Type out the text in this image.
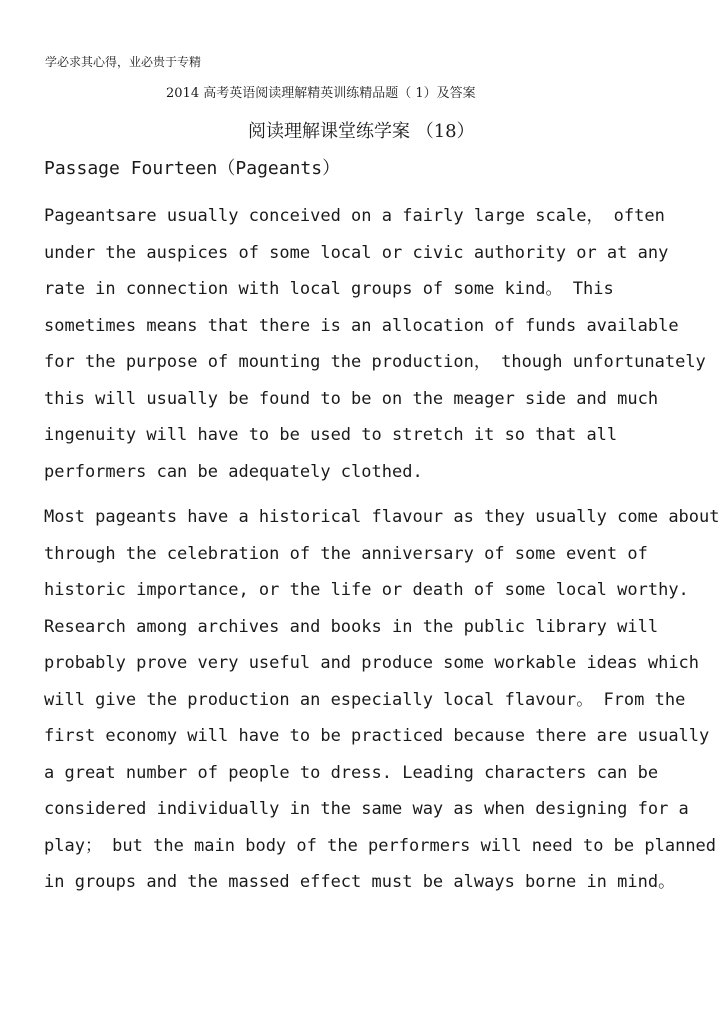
学必求其心得，业必贵于专精
2014 高考英语阅读理解精英训练精品题（ 1）及答案
阅读理解课堂练学案 （18）
Passage Fourteen（Pageants）
Pageantsare usually conceived on a fairly large scale， often
under the auspices of some local or civic authority or at any
rate in connection with local groups of some kind。 This
sometimes means that there is an allocation of funds available
for the purpose of mounting the production， though unfortunately
this will usually be found to be on the meager side and much
ingenuity will have to be used to stretch it so that all
performers can be adequately clothed.
Most pageants have a historical flavour as they usually come about
through the celebration of the anniversary of some event of
historic importance, or the life or death of some local worthy.
Research among archives and books in the public library will
probably prove very useful and produce some workable ideas which
will give the production an especially local flavour。 From the
first economy will have to be practiced because there are usually
a great number of people to dress. Leading characters can be
considered individually in the same way as when designing for a
play； but the main body of the performers will need to be planned
in groups and the massed effect must be always borne in mind。
